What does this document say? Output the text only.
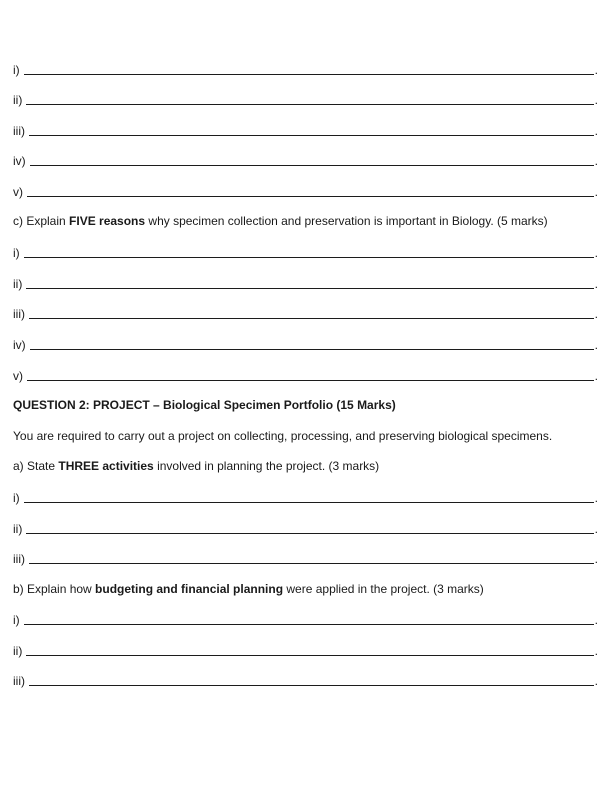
i)	.
ii)	.
iii)	.
iv)	.
v)	.
c) Explain FIVE reasons why specimen collection and preservation is important in Biology. (5 marks)
i)	.
ii)	.
iii)	.
iv)	.
v)	.
QUESTION 2: PROJECT – Biological Specimen Portfolio (15 Marks)
You are required to carry out a project on collecting, processing, and preserving biological specimens.
a) State THREE activities involved in planning the project. (3 marks)
i)	.
ii)	.
iii)	.
b) Explain how budgeting and financial planning were applied in the project. (3 marks)
i)	.
ii)	.
iii)	.
